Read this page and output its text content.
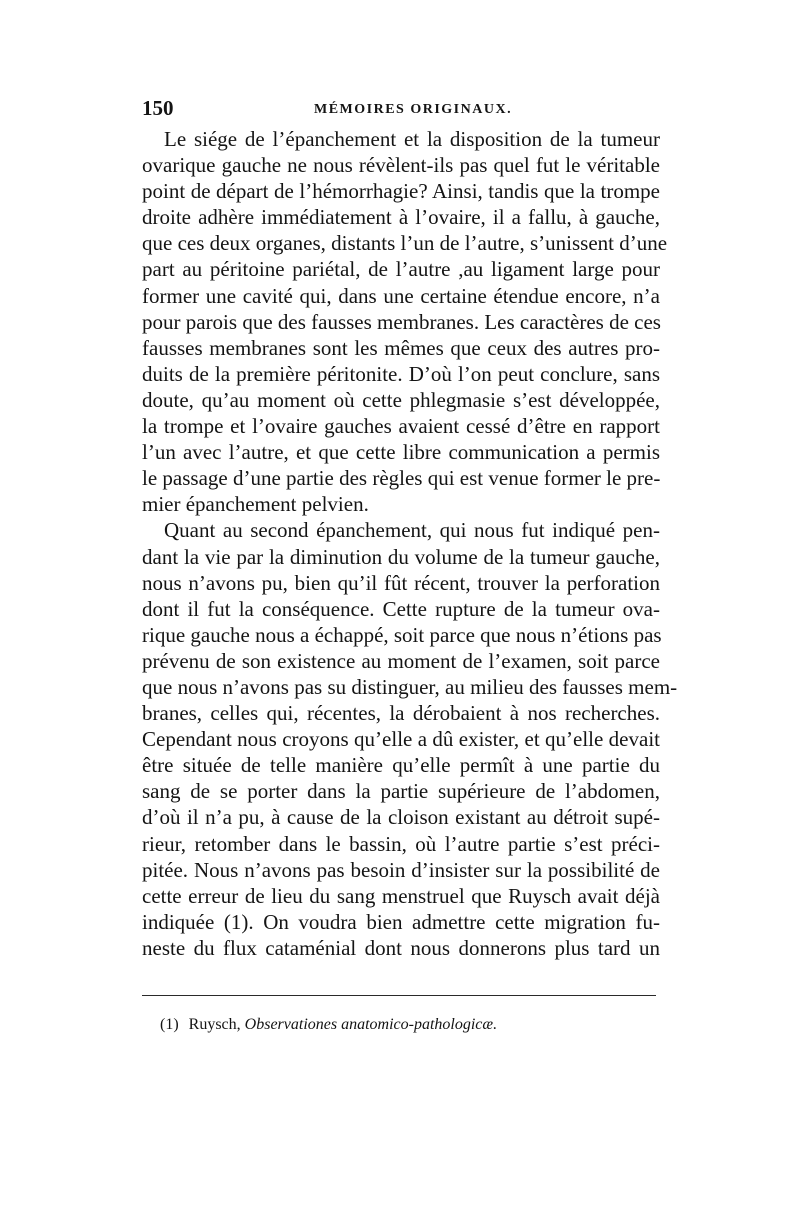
150	MÉMOIRES ORIGINAUX.
Le siége de l’épanchement et la disposition de la tumeur
ovarique gauche ne nous révèlent-ils pas quel fut le véritable
point de départ de l’hémorrhagie? Ainsi, tandis que la trompe
droite adhère immédiatement à l’ovaire, il a fallu, à gauche,
que ces deux organes, distants l’un de l’autre, s’unissent d’une
part au péritoine pariétal, de l’autre ,au ligament large pour
former une cavité qui, dans une certaine étendue encore, n’a
pour parois que des fausses membranes. Les caractères de ces
fausses membranes sont les mêmes que ceux des autres pro-
duits de la première péritonite. D’où l’on peut conclure, sans
doute, qu’au moment où cette phlegmasie s’est développée,
la trompe et l’ovaire gauches avaient cessé d’être en rapport
l’un avec l’autre, et que cette libre communication a permis
le passage d’une partie des règles qui est venue former le pre-
mier épanchement pelvien.
Quant au second épanchement, qui nous fut indiqué pen-
dant la vie par la diminution du volume de la tumeur gauche,
nous n’avons pu, bien qu’il fût récent, trouver la perforation
dont il fut la conséquence. Cette rupture de la tumeur ova-
rique gauche nous a échappé, soit parce que nous n’étions pas
prévenu de son existence au moment de l’examen, soit parce
que nous n’avons pas su distinguer, au milieu des fausses mem-
branes, celles qui, récentes, la dérobaient à nos recherches.
Cependant nous croyons qu’elle a dû exister, et qu’elle devait
être située de telle manière qu’elle permît à une partie du
sang de se porter dans la partie supérieure de l’abdomen,
d’où il n’a pu, à cause de la cloison existant au détroit supé-
rieur, retomber dans le bassin, où l’autre partie s’est préci-
pitée. Nous n’avons pas besoin d’insister sur la possibilité de
cette erreur de lieu du sang menstruel que Ruysch avait déjà
indiquée (1). On voudra bien admettre cette migration fu-
neste du flux cataménial dont nous donnerons plus tard un
(1) Ruysch, Observationes anatomico-pathologicæ.
